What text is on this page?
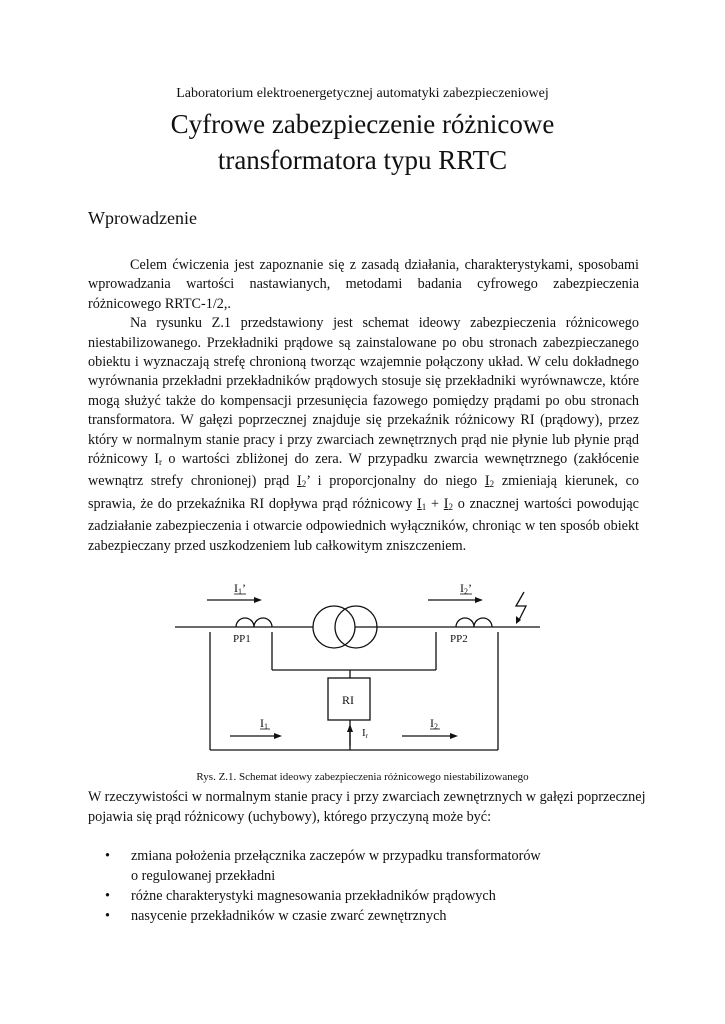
Laboratorium elektroenergetycznej automatyki zabezpieczeniowej
Cyfrowe zabezpieczenie różnicowe
transformatora typu RRTC
Wprowadzenie

Celem ćwiczenia jest zapoznanie się z zasadą działania, charakterystykami, sposobami wprowadzania wartości nastawianych, metodami badania cyfrowego zabezpieczenia różnicowego RRTC-1/2,.

Na rysunku Z.1 przedstawiony jest schemat ideowy zabezpieczenia różnicowego niestabilizowanego. Przekładniki prądowe są zainstalowane po obu stronach zabezpieczanego obiektu i wyznaczają strefę chronioną tworząc wzajemnie połączony układ. W celu dokładnego wyrównania przekładni przekładników prądowych stosuje się przekładniki wyrównawcze, które mogą służyć także do kompensacji przesunięcia fazowego pomiędzy prądami po obu stronach transformatora. W gałęzi poprzecznej znajduje się przekaźnik różnicowy RI (prądowy), przez który w normalnym stanie pracy i przy zwarciach zewnętrznych prąd nie płynie lub płynie prąd różnicowy $I_r$ o wartości zbliżonej do zera. W przypadku zwarcia wewnętrznego (zakłócenie wewnątrz strefy chronionej) prąd $I_2$’ i proporcjonalny do niego $I_2$ zmieniają kierunek, co sprawia, że do przekaźnika RI dopływa prąd różnicowy $I_1 + I_2$ o znacznej wartości powodując zadziałanie zabezpieczenia i otwarcie odpowiednich wyłączników, chroniąc w ten sposób obiekt zabezpieczany przed uszkodzeniem lub całkowitym zniszczeniem.

I1’	I2’
PP1	PP2
RI
I1	I2
Ir
Rys. Z.1. Schemat ideowy zabezpieczenia różnicowego niestabilizowanego

W rzeczywistości w normalnym stanie pracy i przy zwarciach zewnętrznych w gałęzi poprzecznej pojawia się prąd różnicowy (uchybowy), którego przyczyną może być:

• zmiana położenia przełącznika zaczepów w przypadku transformatorów
o regulowanej przekładni
• różne charakterystyki magnesowania przekładników prądowych
• nasycenie przekładników w czasie zwarć zewnętrznych
